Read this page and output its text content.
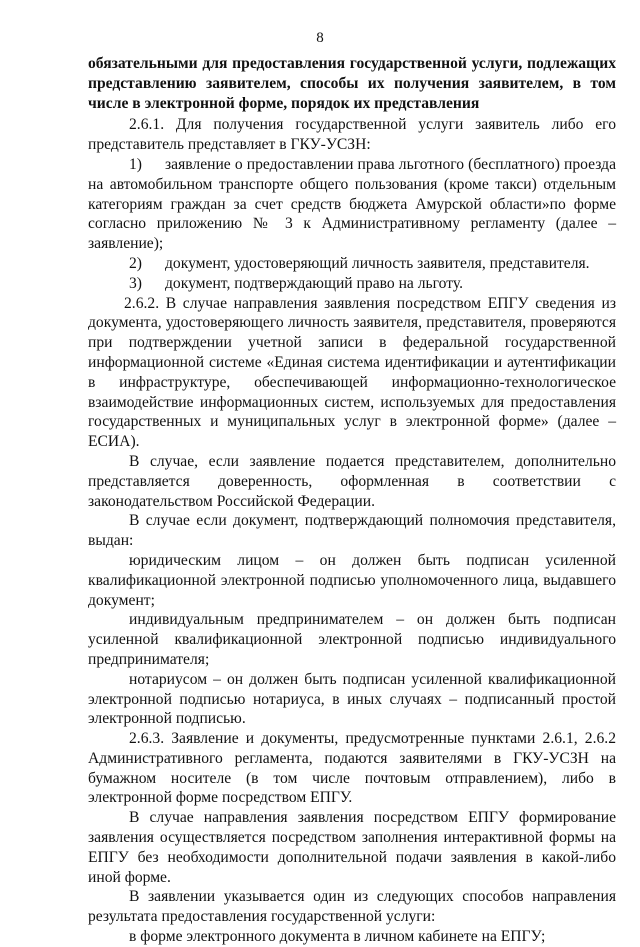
8

обязательными для предоставления государственной услуги, подлежащих представлению заявителем, способы их получения заявителем, в том числе в электронной форме, порядок их представления

2.6.1. Для получения государственной услуги заявитель либо его представитель представляет в ГКУ-УСЗН:

1) заявление о предоставлении права льготного (бесплатного) проезда на автомобильном транспорте общего пользования (кроме такси) отдельным категориям граждан за счет средств бюджета Амурской области»по форме согласно приложению № 3 к Административному регламенту (далее – заявление);

2) документ, удостоверяющий личность заявителя, представителя.

3) документ, подтверждающий право на льготу.

2.6.2. В случае направления заявления посредством ЕПГУ сведения из документа, удостоверяющего личность заявителя, представителя, проверяются при подтверждении учетной записи в федеральной государственной информационной системе «Единая система идентификации и аутентификации в инфраструктуре, обеспечивающей информационно-технологическое взаимодействие информационных систем, используемых для предоставления государственных и муниципальных услуг в электронной форме» (далее – ЕСИА).

В случае, если заявление подается представителем, дополнительно представляется доверенность, оформленная в соответствии с законодательством Российской Федерации.

В случае если документ, подтверждающий полномочия представителя, выдан:

юридическим лицом – он должен быть подписан усиленной квалификационной электронной подписью уполномоченного лица, выдавшего документ;

индивидуальным предпринимателем – он должен быть подписан усиленной квалификационной электронной подписью индивидуального предпринимателя;

нотариусом – он должен быть подписан усиленной квалификационной электронной подписью нотариуса, в иных случаях – подписанный простой электронной подписью.

2.6.3. Заявление и документы, предусмотренные пунктами 2.6.1, 2.6.2 Административного регламента, подаются заявителями в ГКУ-УСЗН на бумажном носителе (в том числе почтовым отправлением), либо в электронной форме посредством ЕПГУ.

В случае направления заявления посредством ЕПГУ формирование заявления осуществляется посредством заполнения интерактивной формы на ЕПГУ без необходимости дополнительной подачи заявления в какой-либо иной форме.

В заявлении указывается один из следующих способов направления результата предоставления государственной услуги:

в форме электронного документа в личном кабинете на ЕПГУ;
